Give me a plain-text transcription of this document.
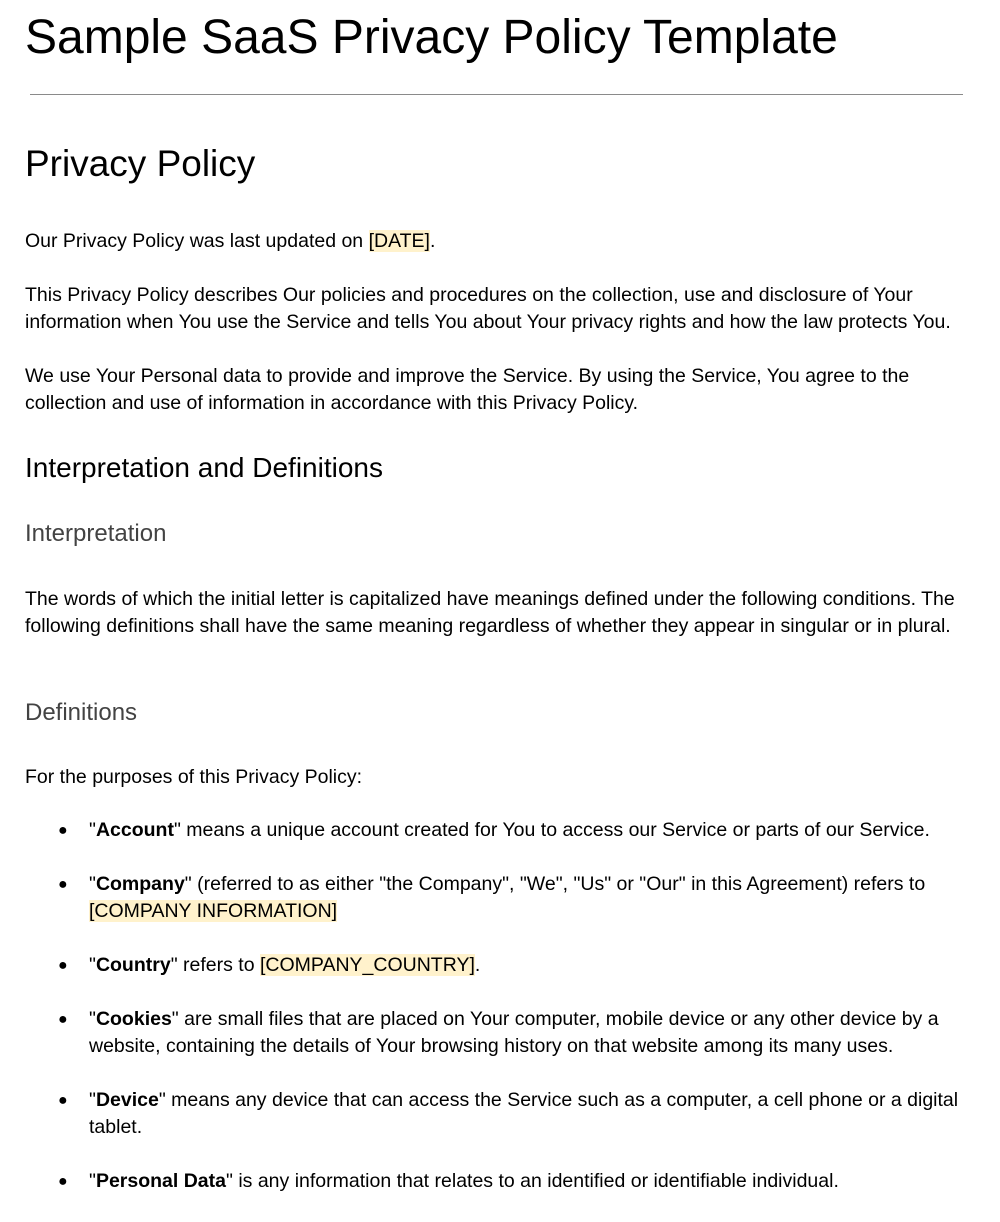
Sample SaaS Privacy Policy Template
Privacy Policy

Our Privacy Policy was last updated on [DATE].

This Privacy Policy describes Our policies and procedures on the collection, use and disclosure of Your information when You use the Service and tells You about Your privacy rights and how the law protects You.

We use Your Personal data to provide and improve the Service. By using the Service, You agree to the collection and use of information in accordance with this Privacy Policy.

Interpretation and Definitions
Interpretation

The words of which the initial letter is capitalized have meanings defined under the following conditions. The following definitions shall have the same meaning regardless of whether they appear in singular or in plural.

Definitions

For the purposes of this Privacy Policy:

● "Account" means a unique account created for You to access our Service or parts of our Service.
● "Company" (referred to as either "the Company", "We", "Us" or "Our" in this Agreement) refers to [COMPANY INFORMATION]
● "Country" refers to [COMPANY_COUNTRY].
● "Cookies" are small files that are placed on Your computer, mobile device or any other device by a website, containing the details of Your browsing history on that website among its many uses.
● "Device" means any device that can access the Service such as a computer, a cell phone or a digital tablet.
● "Personal Data" is any information that relates to an identified or identifiable individual.
